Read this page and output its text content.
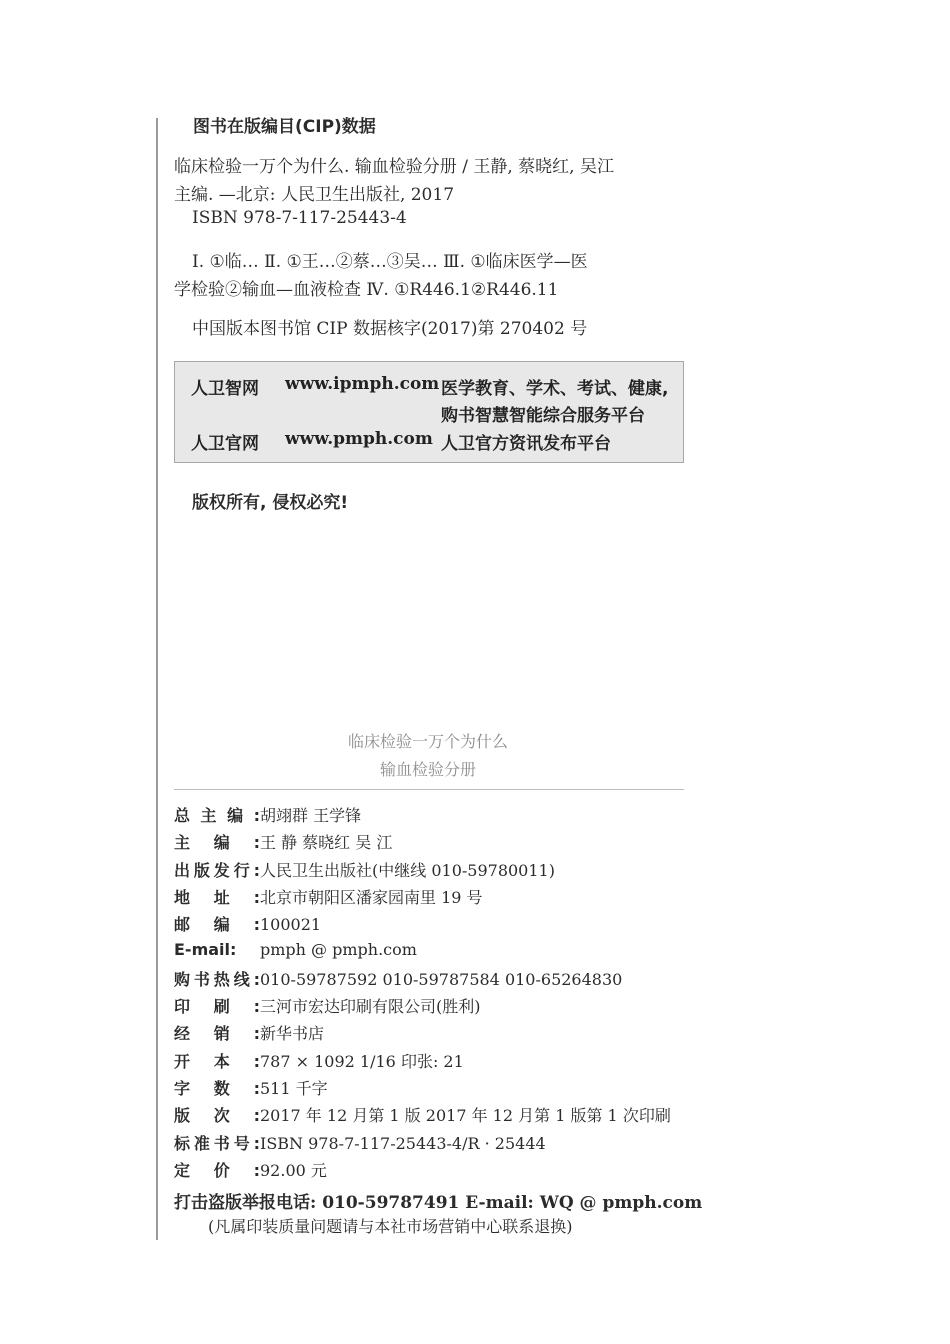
图书在版编目(CIP)数据
临床检验一万个为什么. 输血检验分册 / 王静, 蔡晓红, 吴江
主编. —北京: 人民卫生出版社, 2017
ISBN 978-7-117-25443-4
Ⅰ. ①临… Ⅱ. ①王…②蔡…③吴… Ⅲ. ①临床医学—医
学检验②输血—血液检查 Ⅳ. ①R446.1②R446.11
中国版本图书馆 CIP 数据核字(2017)第 270402 号
人卫智网 www.ipmph.com 医学教育、学术、考试、健康,
购书智慧智能综合服务平台
人卫官网 www.pmph.com 人卫官方资讯发布平台
版权所有, 侵权必究!
临床检验一万个为什么
输血检验分册
总主编:胡翊群 王学锋
主编:王 静 蔡晓红 吴 江
出版发行:人民卫生出版社(中继线 010-59780011)
地址:北京市朝阳区潘家园南里 19 号
邮编:100021
E-mail: pmph @ pmph.com
购书热线:010-59787592 010-59787584 010-65264830
印刷:三河市宏达印刷有限公司(胜利)
经销:新华书店
开本:787 × 1092 1/16 印张: 21
字数:511 千字
版次:2017 年 12 月第 1 版 2017 年 12 月第 1 版第 1 次印刷
标准书号:ISBN 978-7-117-25443-4/R · 25444
定价:92.00 元
打击盗版举报电话: 010-59787491 E-mail: WQ @ pmph.com
(凡属印装质量问题请与本社市场营销中心联系退换)
